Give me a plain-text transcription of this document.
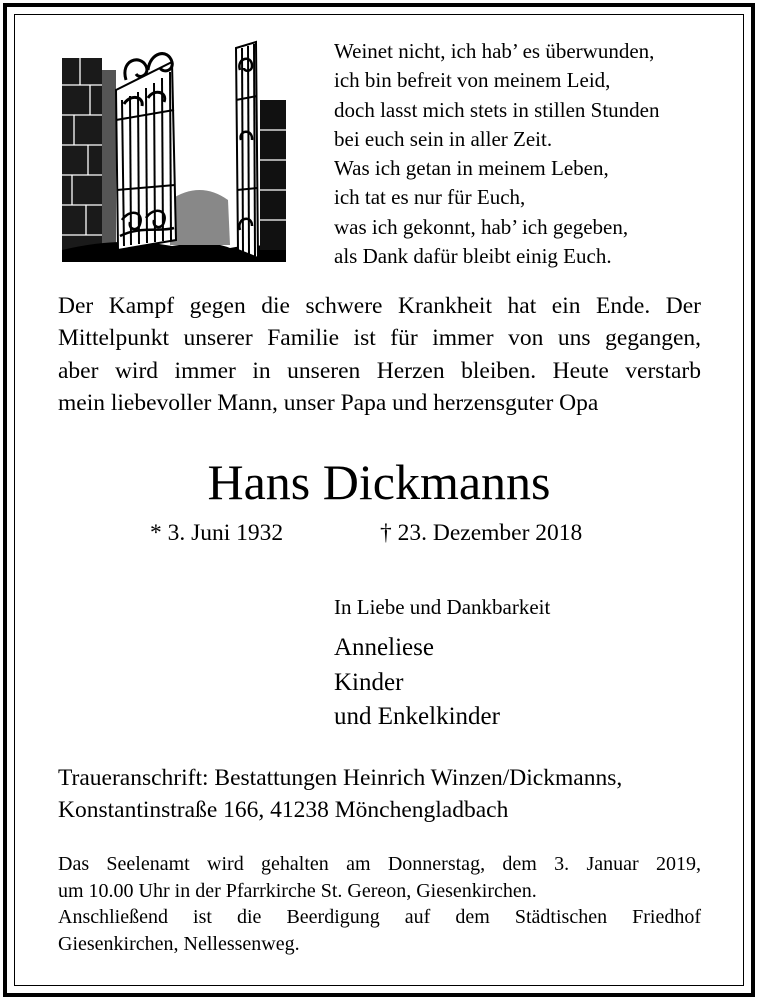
Weinet nicht, ich hab’ es überwunden,
ich bin befreit von meinem Leid,
doch lasst mich stets in stillen Stunden
bei euch sein in aller Zeit.
Was ich getan in meinem Leben,
ich tat es nur für Euch,
was ich gekonnt, hab’ ich gegeben,
als Dank dafür bleibt einig Euch.
Der Kampf gegen die schwere Krankheit hat ein Ende. Der
Mittelpunkt unserer Familie ist für immer von uns gegangen,
aber wird immer in unseren Herzen bleiben. Heute verstarb
mein liebevoller Mann, unser Papa und herzensguter Opa
Hans Dickmanns
* 3. Juni 1932	† 23. Dezember 2018
In Liebe und Dankbarkeit
Anneliese
Kinder
und Enkelkinder
Traueranschrift: Bestattungen Heinrich Winzen/Dickmanns,
Konstantinstraße 166, 41238 Mönchengladbach
Das Seelenamt wird gehalten am Donnerstag, dem 3. Januar 2019,
um 10.00 Uhr in der Pfarrkirche St. Gereon, Giesenkirchen.
Anschließend ist die Beerdigung auf dem Städtischen Friedhof
Giesenkirchen, Nellessenweg.
